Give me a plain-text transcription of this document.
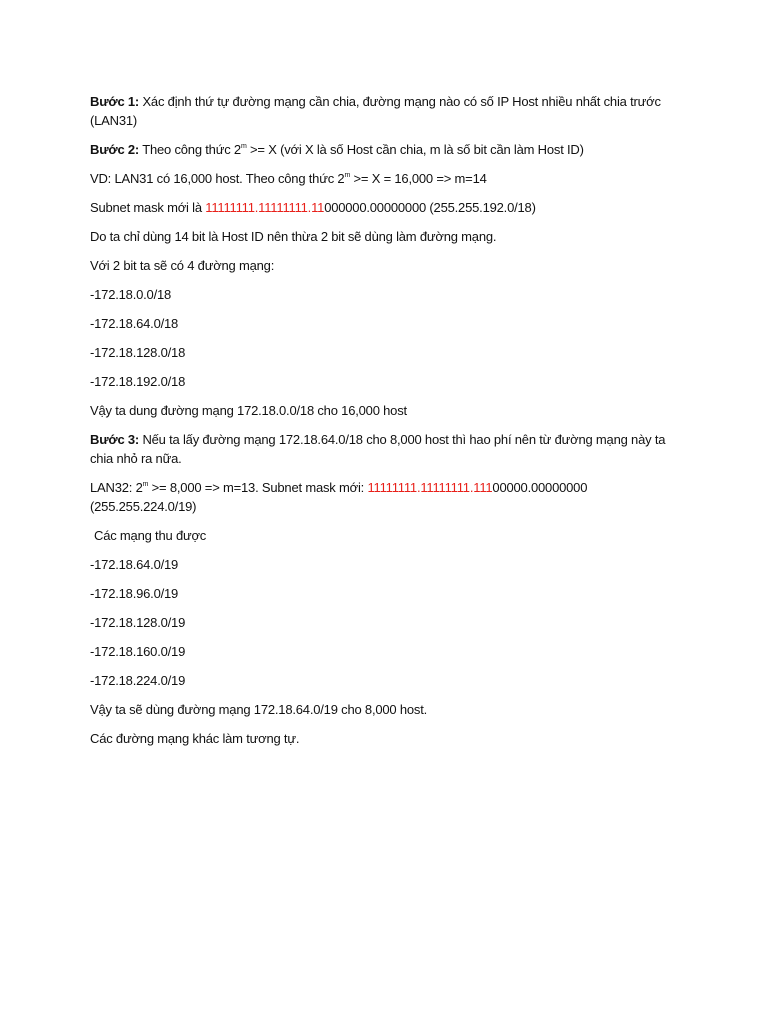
Bước 1: Xác định thứ tự đường mạng cần chia, đường mạng nào có số IP Host nhiều nhất chia trước (LAN31)

Bước 2: Theo công thức $2^m >= X$ (với X là số Host cần chia, m là số bit cần làm Host ID)

VD: LAN31 có 16,000 host. Theo công thức $2^m >= X = 16,000 => m=14$

Subnet mask mới là 11111111.11111111.11000000.00000000 (255.255.192.0/18)

Do ta chỉ dùng 14 bit là Host ID nên thừa 2 bit sẽ dùng làm đường mạng.

Với 2 bit ta sẽ có 4 đường mạng:

-172.18.0.0/18

-172.18.64.0/18

-172.18.128.0/18

-172.18.192.0/18

Vậy ta dung đường mạng 172.18.0.0/18 cho 16,000 host

Bước 3: Nếu ta lấy đường mạng 172.18.64.0/18 cho 8,000 host thì hao phí nên từ đường mạng này ta chia nhỏ ra nữa.

LAN32: $2^m >= 8,000 => m=13$. Subnet mask mới: 11111111.11111111.11100000.00000000 (255.255.224.0/19)

Các mạng thu được

-172.18.64.0/19

-172.18.96.0/19

-172.18.128.0/19

-172.18.160.0/19

-172.18.224.0/19

Vậy ta sẽ dùng đường mạng 172.18.64.0/19 cho 8,000 host.

Các đường mạng khác làm tương tự.
